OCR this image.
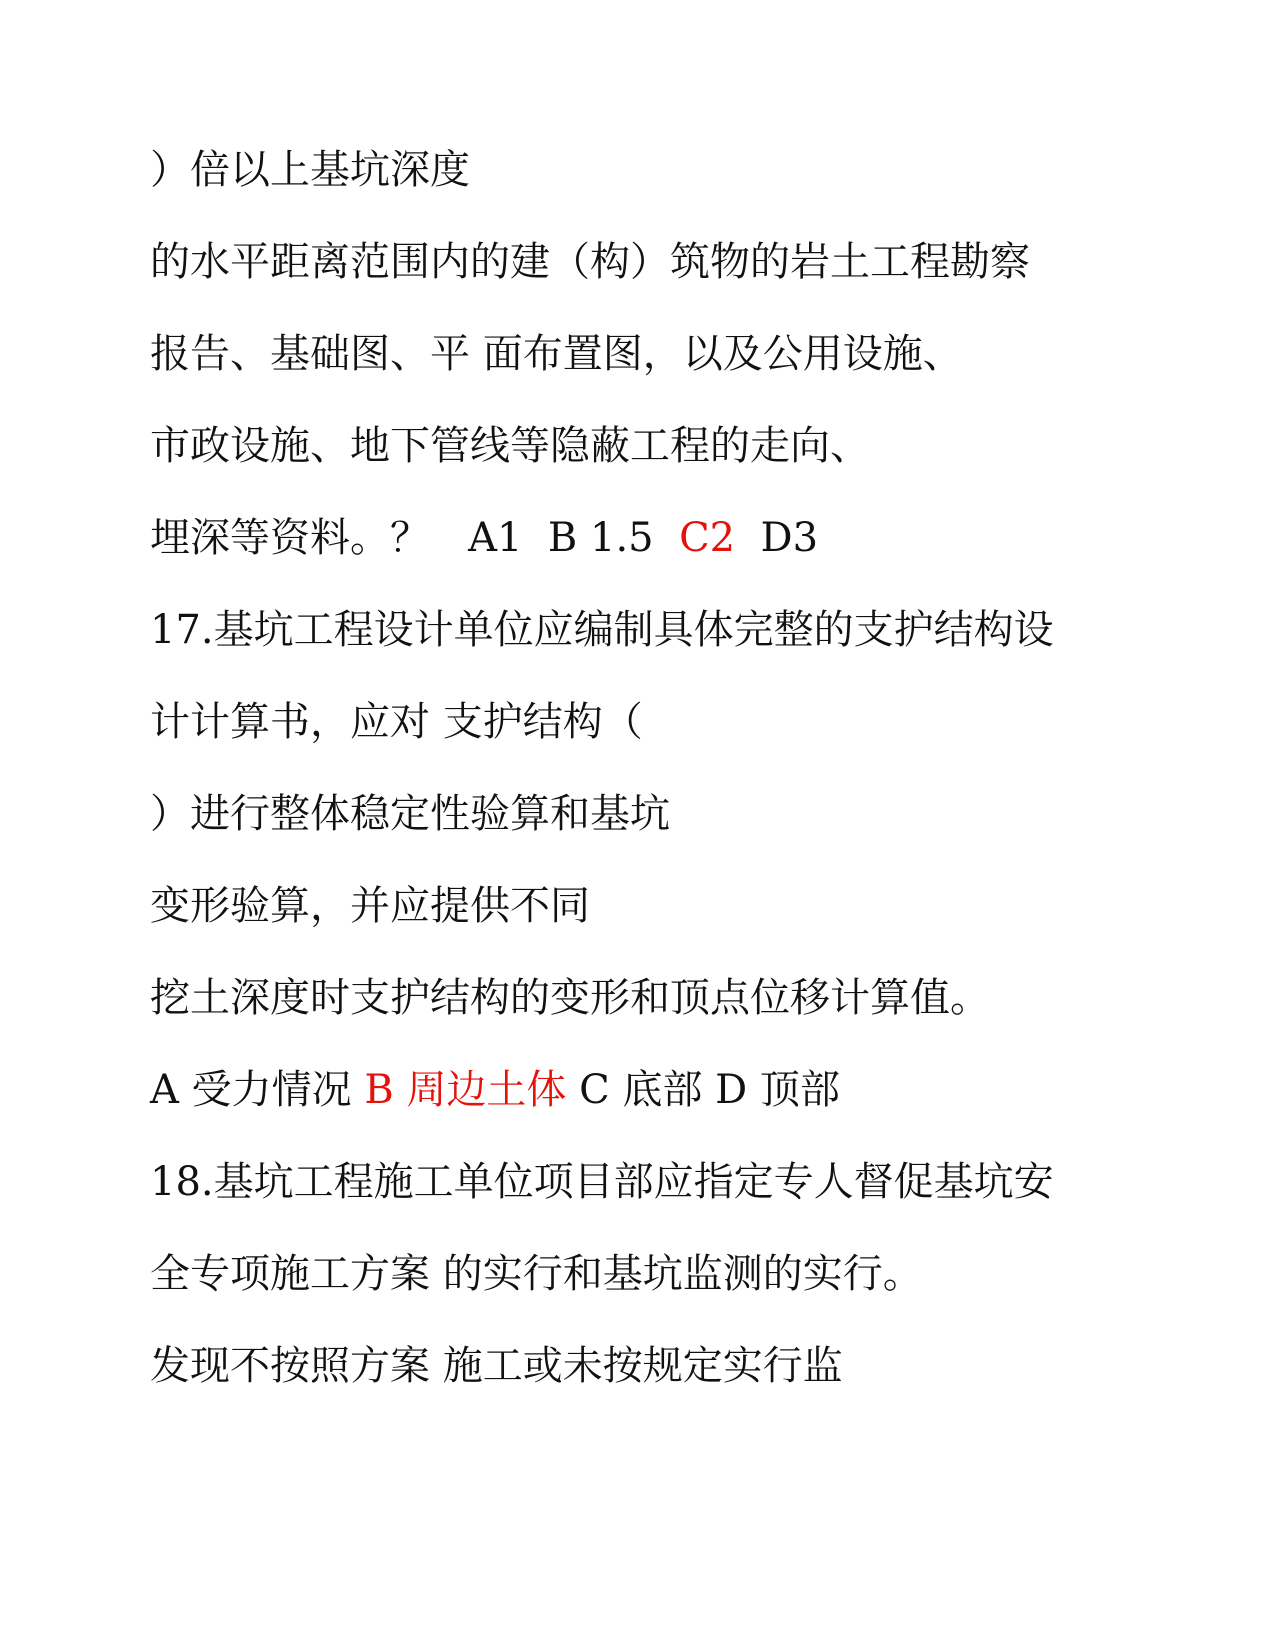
）倍以上基坑深度
的水平距离范围内的建（构）筑物的岩土工程勘察
报告、基础图、平 面布置图，以及公用设施、
市政设施、地下管线等隐蔽工程的走向、
埋深等资料。？   A1  B 1.5  C2  D3
17.基坑工程设计单位应编制具体完整的支护结构设
计计算书，应对 支护结构（
）进行整体稳定性验算和基坑
变形验算，并应提供不同
挖土深度时支护结构的变形和顶点位移计算值。
A 受力情况 B 周边土体 C 底部 D 顶部
18.基坑工程施工单位项目部应指定专人督促基坑安
全专项施工方案 的实行和基坑监测的实行。
发现不按照方案 施工或未按规定实行监
